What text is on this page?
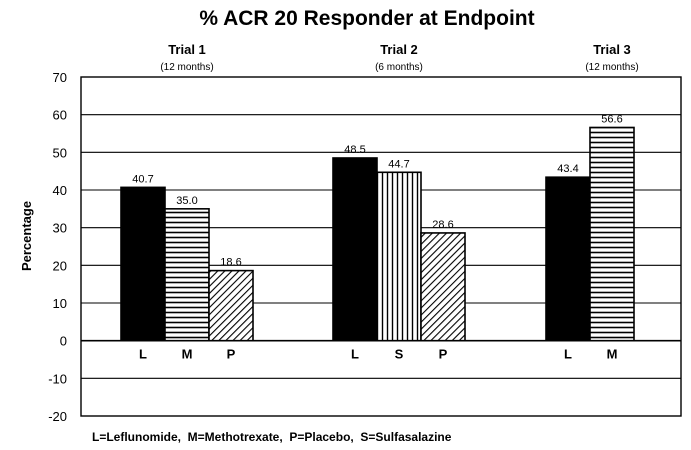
% ACR 20 Responder at Endpoint
Percentage
70
60
50
40
30
20
10
0
-10
-20
Trial 1
(12 months)
40.7
L
35.0
M
18.6
P
Trial 2
(6 months)
48.5
L
44.7
S
28.6
P
Trial 3
(12 months)
43.4
L
56.6
M
L=Leflunomide,  M=Methotrexate,  P=Placebo,  S=Sulfasalazine
